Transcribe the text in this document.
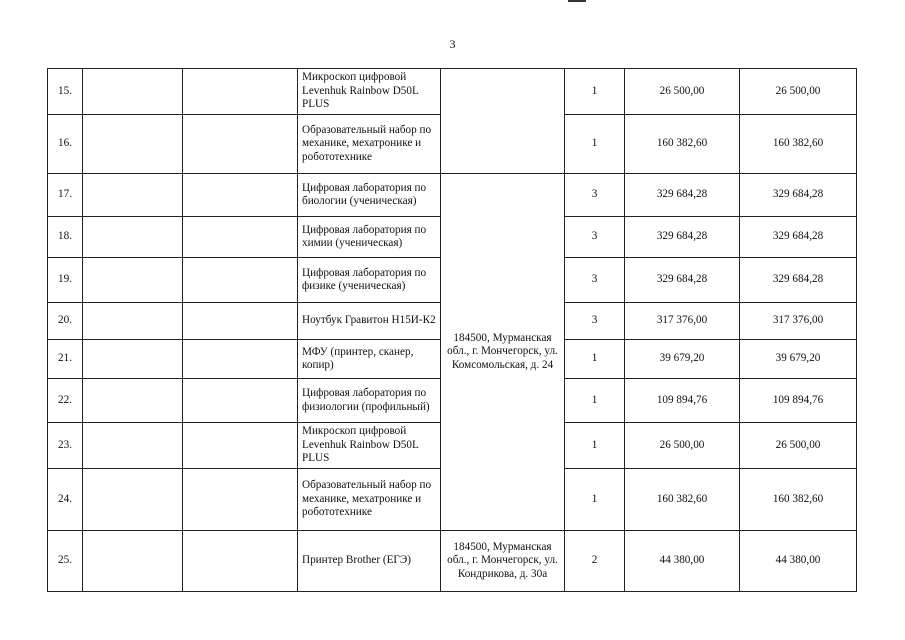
3
15.			Микроскоп цифровой Levenhuk Rainbow D50L PLUS		1	26 500,00	26 500,00
16.			Образовательный набор по механике, мехатронике и робототехнике		1	160 382,60	160 382,60
17.			Цифровая лаборатория по биологии (ученическая)	184500, Мурманская обл., г. Мончегорск, ул. Комсомольская, д. 24	3	329 684,28	329 684,28
18.			Цифровая лаборатория по химии (ученическая)		3	329 684,28	329 684,28
19.			Цифровая лаборатория по физике (ученическая)		3	329 684,28	329 684,28
20.			Ноутбук Гравитон Н15И-К2		3	317 376,00	317 376,00
21.			МФУ (принтер, сканер, копир)		1	39 679,20	39 679,20
22.			Цифровая лаборатория по физиологии (профильный)		1	109 894,76	109 894,76
23.			Микроскоп цифровой Levenhuk Rainbow D50L PLUS		1	26 500,00	26 500,00
24.			Образовательный набор по механике, мехатронике и робототехнике		1	160 382,60	160 382,60
25.			Принтер Brother (ЕГЭ)	184500, Мурманская обл., г. Мончегорск, ул. Кондрикова, д. 30а	2	44 380,00	44 380,00
